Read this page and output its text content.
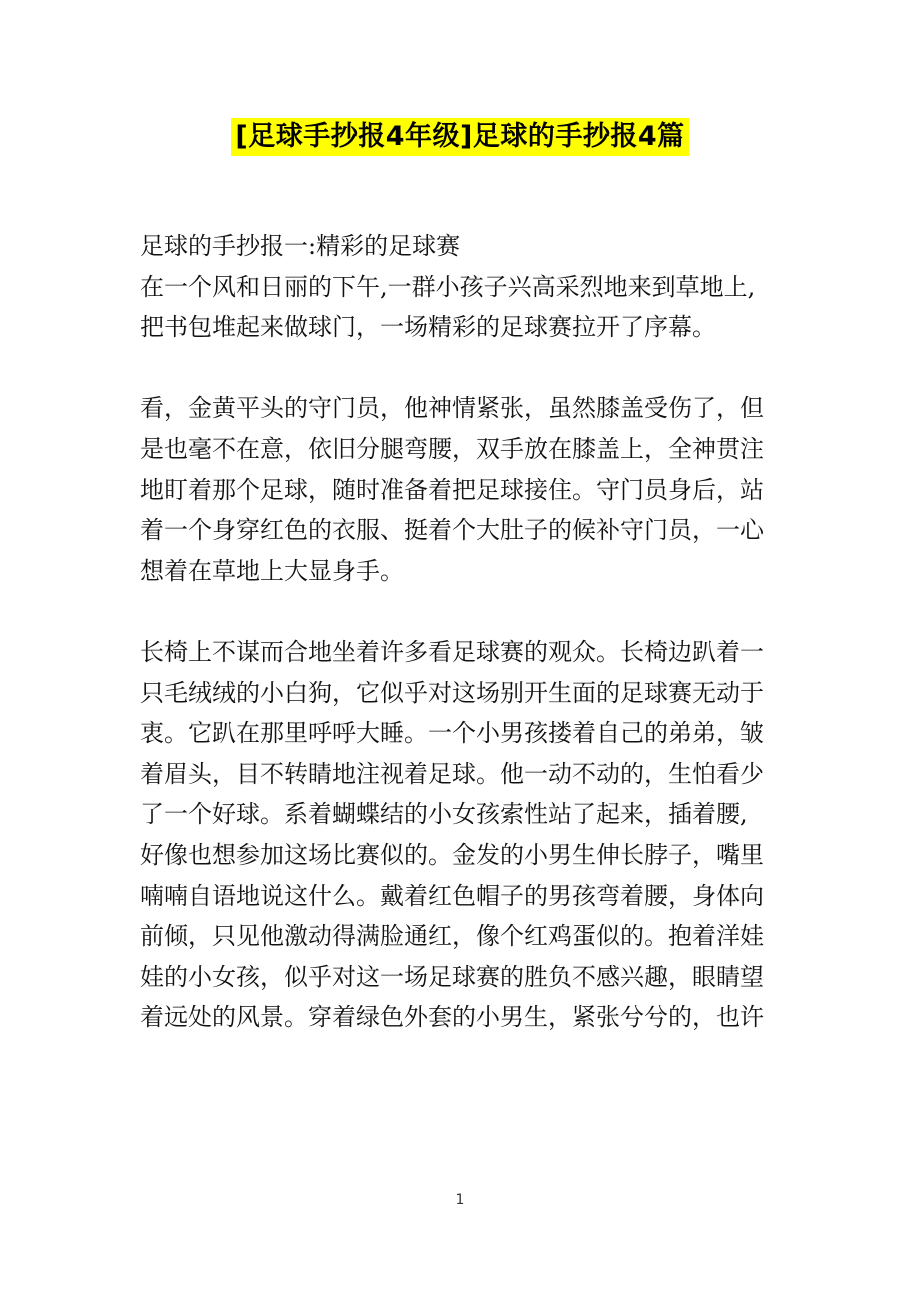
[足球手抄报4年级]足球的手抄报4篇

足球的手抄报一:精彩的足球赛
在一个风和日丽的下午,一群小孩子兴高采烈地来到草地上,
把书包堆起来做球门，一场精彩的足球赛拉开了序幕。

看，金黄平头的守门员，他神情紧张，虽然膝盖受伤了，但
是也毫不在意，依旧分腿弯腰，双手放在膝盖上，全神贯注
地盯着那个足球，随时准备着把足球接住。守门员身后，站
着一个身穿红色的衣服、挺着个大肚子的候补守门员，一心
想着在草地上大显身手。

长椅上不谋而合地坐着许多看足球赛的观众。长椅边趴着一
只毛绒绒的小白狗，它似乎对这场别开生面的足球赛无动于
衷。它趴在那里呼呼大睡。一个小男孩搂着自己的弟弟，皱
着眉头，目不转睛地注视着足球。他一动不动的，生怕看少
了一个好球。系着蝴蝶结的小女孩索性站了起来，插着腰,
好像也想参加这场比赛似的。金发的小男生伸长脖子，嘴里
喃喃自语地说这什么。戴着红色帽子的男孩弯着腰，身体向
前倾，只见他激动得满脸通红，像个红鸡蛋似的。抱着洋娃
娃的小女孩，似乎对这一场足球赛的胜负不感兴趣，眼睛望
着远处的风景。穿着绿色外套的小男生，紧张兮兮的，也许

1
